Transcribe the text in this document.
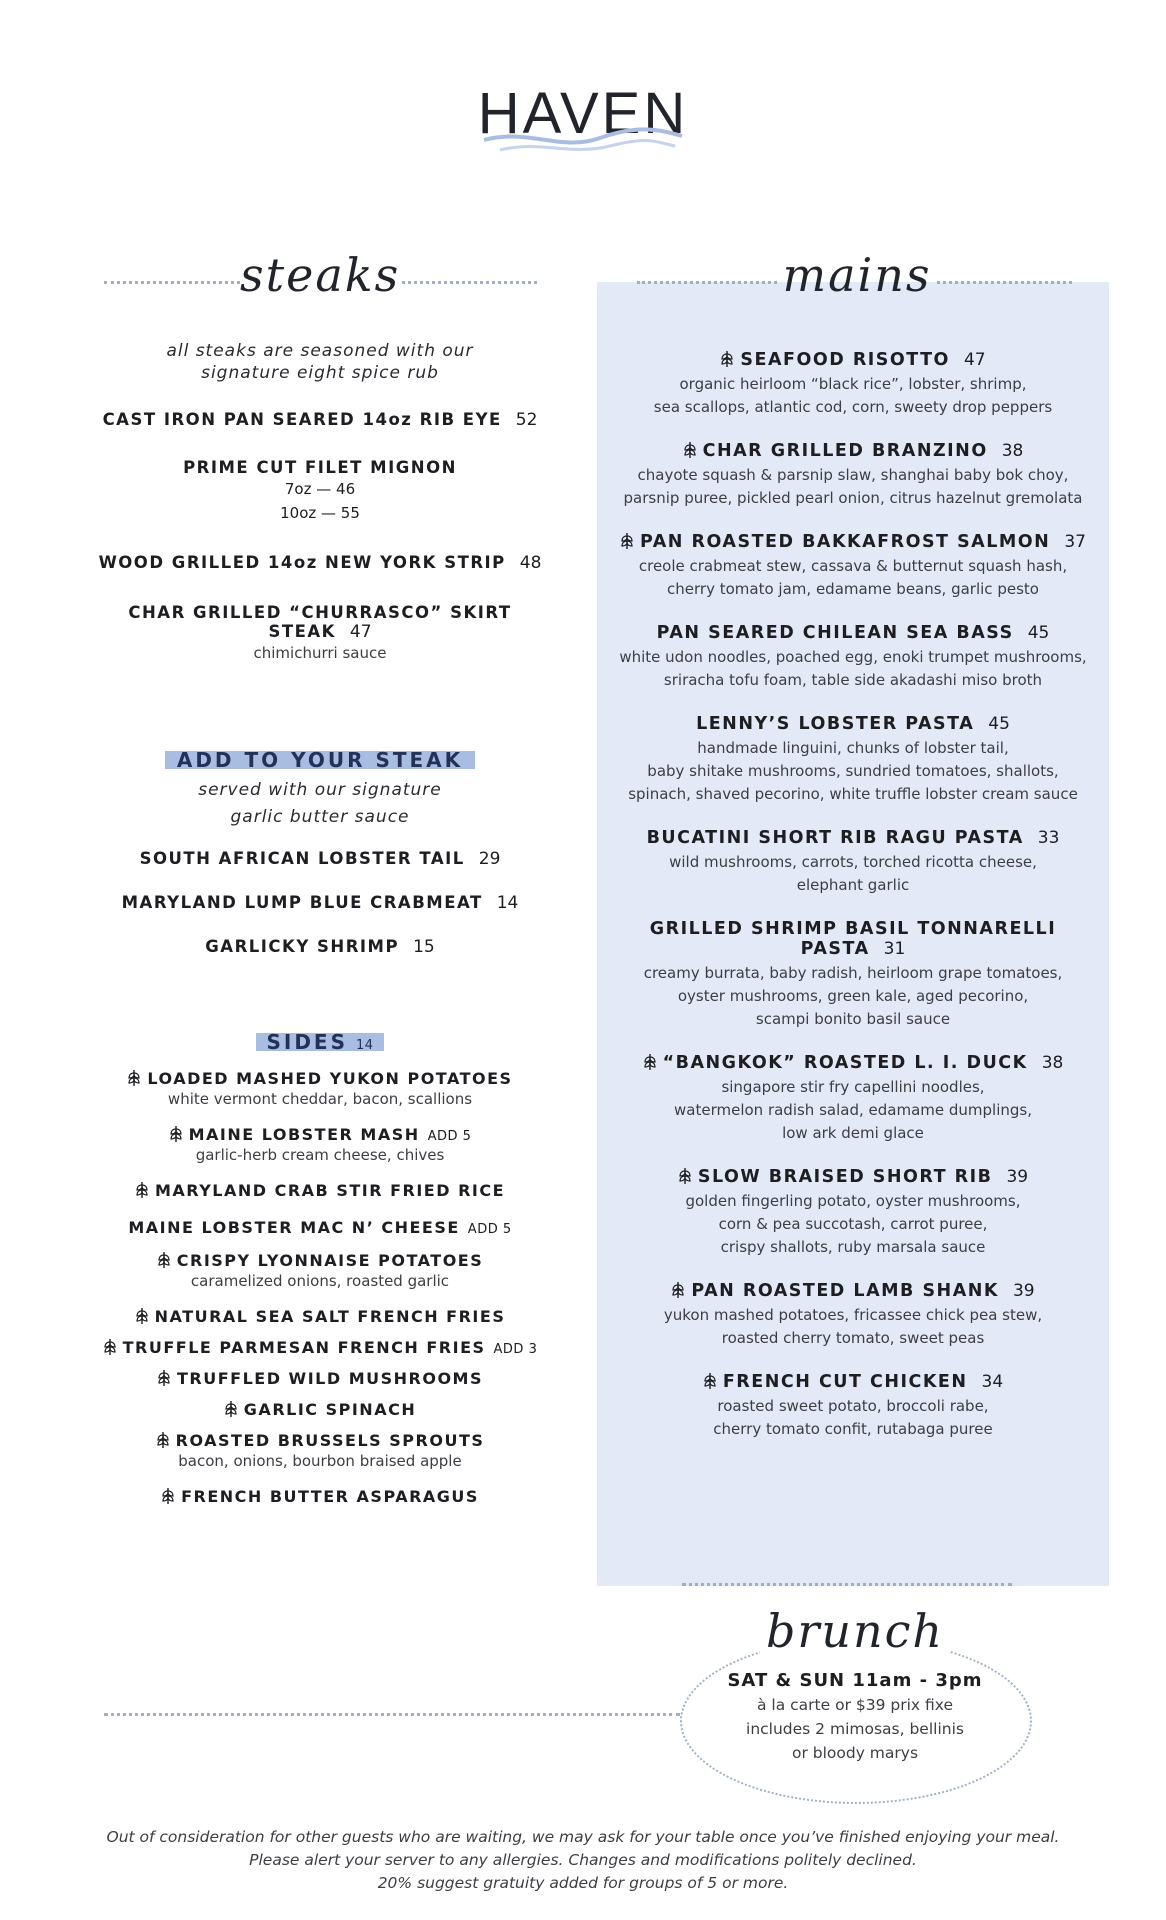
HAVEN
steaks	mains
all steaks are seasoned with our
signature eight spice rub
CAST IRON PAN SEARED 14oz RIB EYE 52
PRIME CUT FILET MIGNON
7oz — 46
10oz — 55
WOOD GRILLED 14oz NEW YORK STRIP 48
CHAR GRILLED “CHURRASCO” SKIRT STEAK 47
chimichurri sauce
ADD TO YOUR STEAK
served with our signature
garlic butter sauce
SOUTH AFRICAN LOBSTER TAIL 29
MARYLAND LUMP BLUE CRABMEAT 14
GARLICKY SHRIMP 15
SIDES 14
LOADED MASHED YUKON POTATOES
white vermont cheddar, bacon, scallions
MAINE LOBSTER MASH ADD 5
garlic-herb cream cheese, chives
MARYLAND CRAB STIR FRIED RICE
MAINE LOBSTER MAC N’ CHEESE ADD 5
CRISPY LYONNAISE POTATOES
caramelized onions, roasted garlic
NATURAL SEA SALT FRENCH FRIES
TRUFFLE PARMESAN FRENCH FRIES ADD 3
TRUFFLED WILD MUSHROOMS
GARLIC SPINACH
ROASTED BRUSSELS SPROUTS
bacon, onions, bourbon braised apple
FRENCH BUTTER ASPARAGUS
SEAFOOD RISOTTO 47
organic heirloom “black rice”, lobster, shrimp,
sea scallops, atlantic cod, corn, sweety drop peppers
CHAR GRILLED BRANZINO 38
chayote squash & parsnip slaw, shanghai baby bok choy,
parsnip puree, pickled pearl onion, citrus hazelnut gremolata
PAN ROASTED BAKKAFROST SALMON 37
creole crabmeat stew, cassava & butternut squash hash,
cherry tomato jam, edamame beans, garlic pesto
PAN SEARED CHILEAN SEA BASS 45
white udon noodles, poached egg, enoki trumpet mushrooms,
sriracha tofu foam, table side akadashi miso broth
LENNY’S LOBSTER PASTA 45
handmade linguini, chunks of lobster tail,
baby shitake mushrooms, sundried tomatoes, shallots,
spinach, shaved pecorino, white truffle lobster cream sauce
BUCATINI SHORT RIB RAGU PASTA 33
wild mushrooms, carrots, torched ricotta cheese,
elephant garlic
GRILLED SHRIMP BASIL TONNARELLI PASTA 31
creamy burrata, baby radish, heirloom grape tomatoes,
oyster mushrooms, green kale, aged pecorino,
scampi bonito basil sauce
“BANGKOK” ROASTED L. I. DUCK 38
singapore stir fry capellini noodles,
watermelon radish salad, edamame dumplings,
low ark demi glace
SLOW BRAISED SHORT RIB 39
golden fingerling potato, oyster mushrooms,
corn & pea succotash, carrot puree,
crispy shallots, ruby marsala sauce
PAN ROASTED LAMB SHANK 39
yukon mashed potatoes, fricassee chick pea stew,
roasted cherry tomato, sweet peas
FRENCH CUT CHICKEN 34
roasted sweet potato, broccoli rabe,
cherry tomato confit, rutabaga puree
brunch
SAT & SUN 11am - 3pm
à la carte or $39 prix fixe
includes 2 mimosas, bellinis
or bloody marys
Out of consideration for other guests who are waiting, we may ask for your table once you’ve finished enjoying your meal.
Please alert your server to any allergies. Changes and modifications politely declined.
20% suggest gratuity added for groups of 5 or more.
